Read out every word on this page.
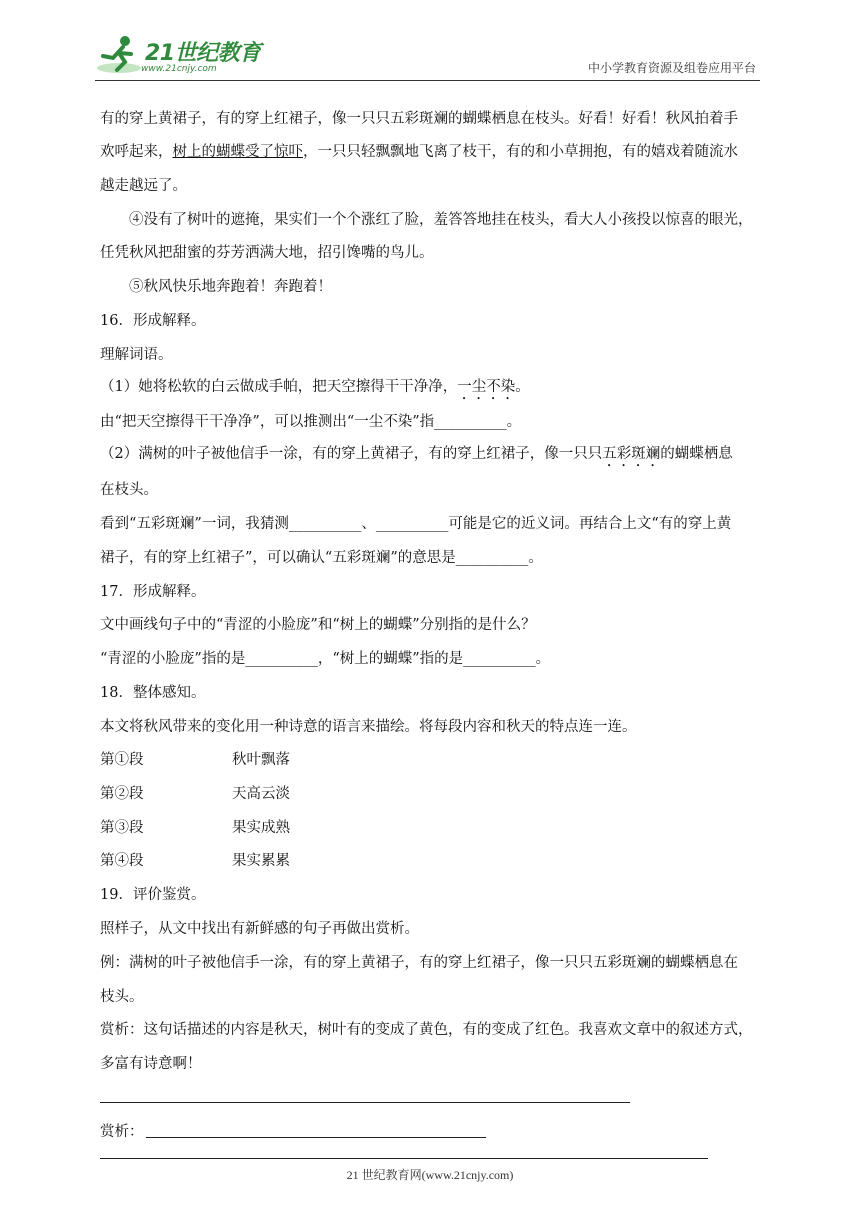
21世纪教育
www.21cnjy.com	中小学教育资源及组卷应用平台
有的穿上黄裙子，有的穿上红裙子，像一只只五彩斑斓的蝴蝶栖息在枝头。好看！好看！秋风拍着手
欢呼起来，树上的蝴蝶受了惊吓，一只只轻飘飘地飞离了枝干，有的和小草拥抱，有的嬉戏着随流水
越走越远了。
④没有了树叶的遮掩，果实们一个个涨红了脸，羞答答地挂在枝头，看大人小孩投以惊喜的眼光，
任凭秋风把甜蜜的芬芳洒满大地，招引馋嘴的鸟儿。
⑤秋风快乐地奔跑着！奔跑着！
16．形成解释。
理解词语。
（1）她将松软的白云做成手帕，把天空擦得干干净净，一尘不染。
由“把天空擦得干干净净”，可以推测出“一尘不染”指__________。
（2）满树的叶子被他信手一涂，有的穿上黄裙子，有的穿上红裙子，像一只只五彩斑斓的蝴蝶栖息
在枝头。
看到“五彩斑斓”一词，我猜测__________、__________可能是它的近义词。再结合上文“有的穿上黄
裙子，有的穿上红裙子”，可以确认“五彩斑斓”的意思是__________。
17．形成解释。
文中画线句子中的“青涩的小脸庞”和“树上的蝴蝶”分别指的是什么？
“青涩的小脸庞”指的是__________，“树上的蝴蝶”指的是__________。
18．整体感知。
本文将秋风带来的变化用一种诗意的语言来描绘。将每段内容和秋天的特点连一连。
第①段	秋叶飘落
第②段	天高云淡
第③段	果实成熟
第④段	果实累累
19．评价鉴赏。
照样子，从文中找出有新鲜感的句子再做出赏析。
例：满树的叶子被他信手一涂，有的穿上黄裙子，有的穿上红裙子，像一只只五彩斑斓的蝴蝶栖息在
枝头。
赏析：这句话描述的内容是秋天，树叶有的变成了黄色，有的变成了红色。我喜欢文章中的叙述方式，
多富有诗意啊！
赏析：
21 世纪教育网(www.21cnjy.com)
